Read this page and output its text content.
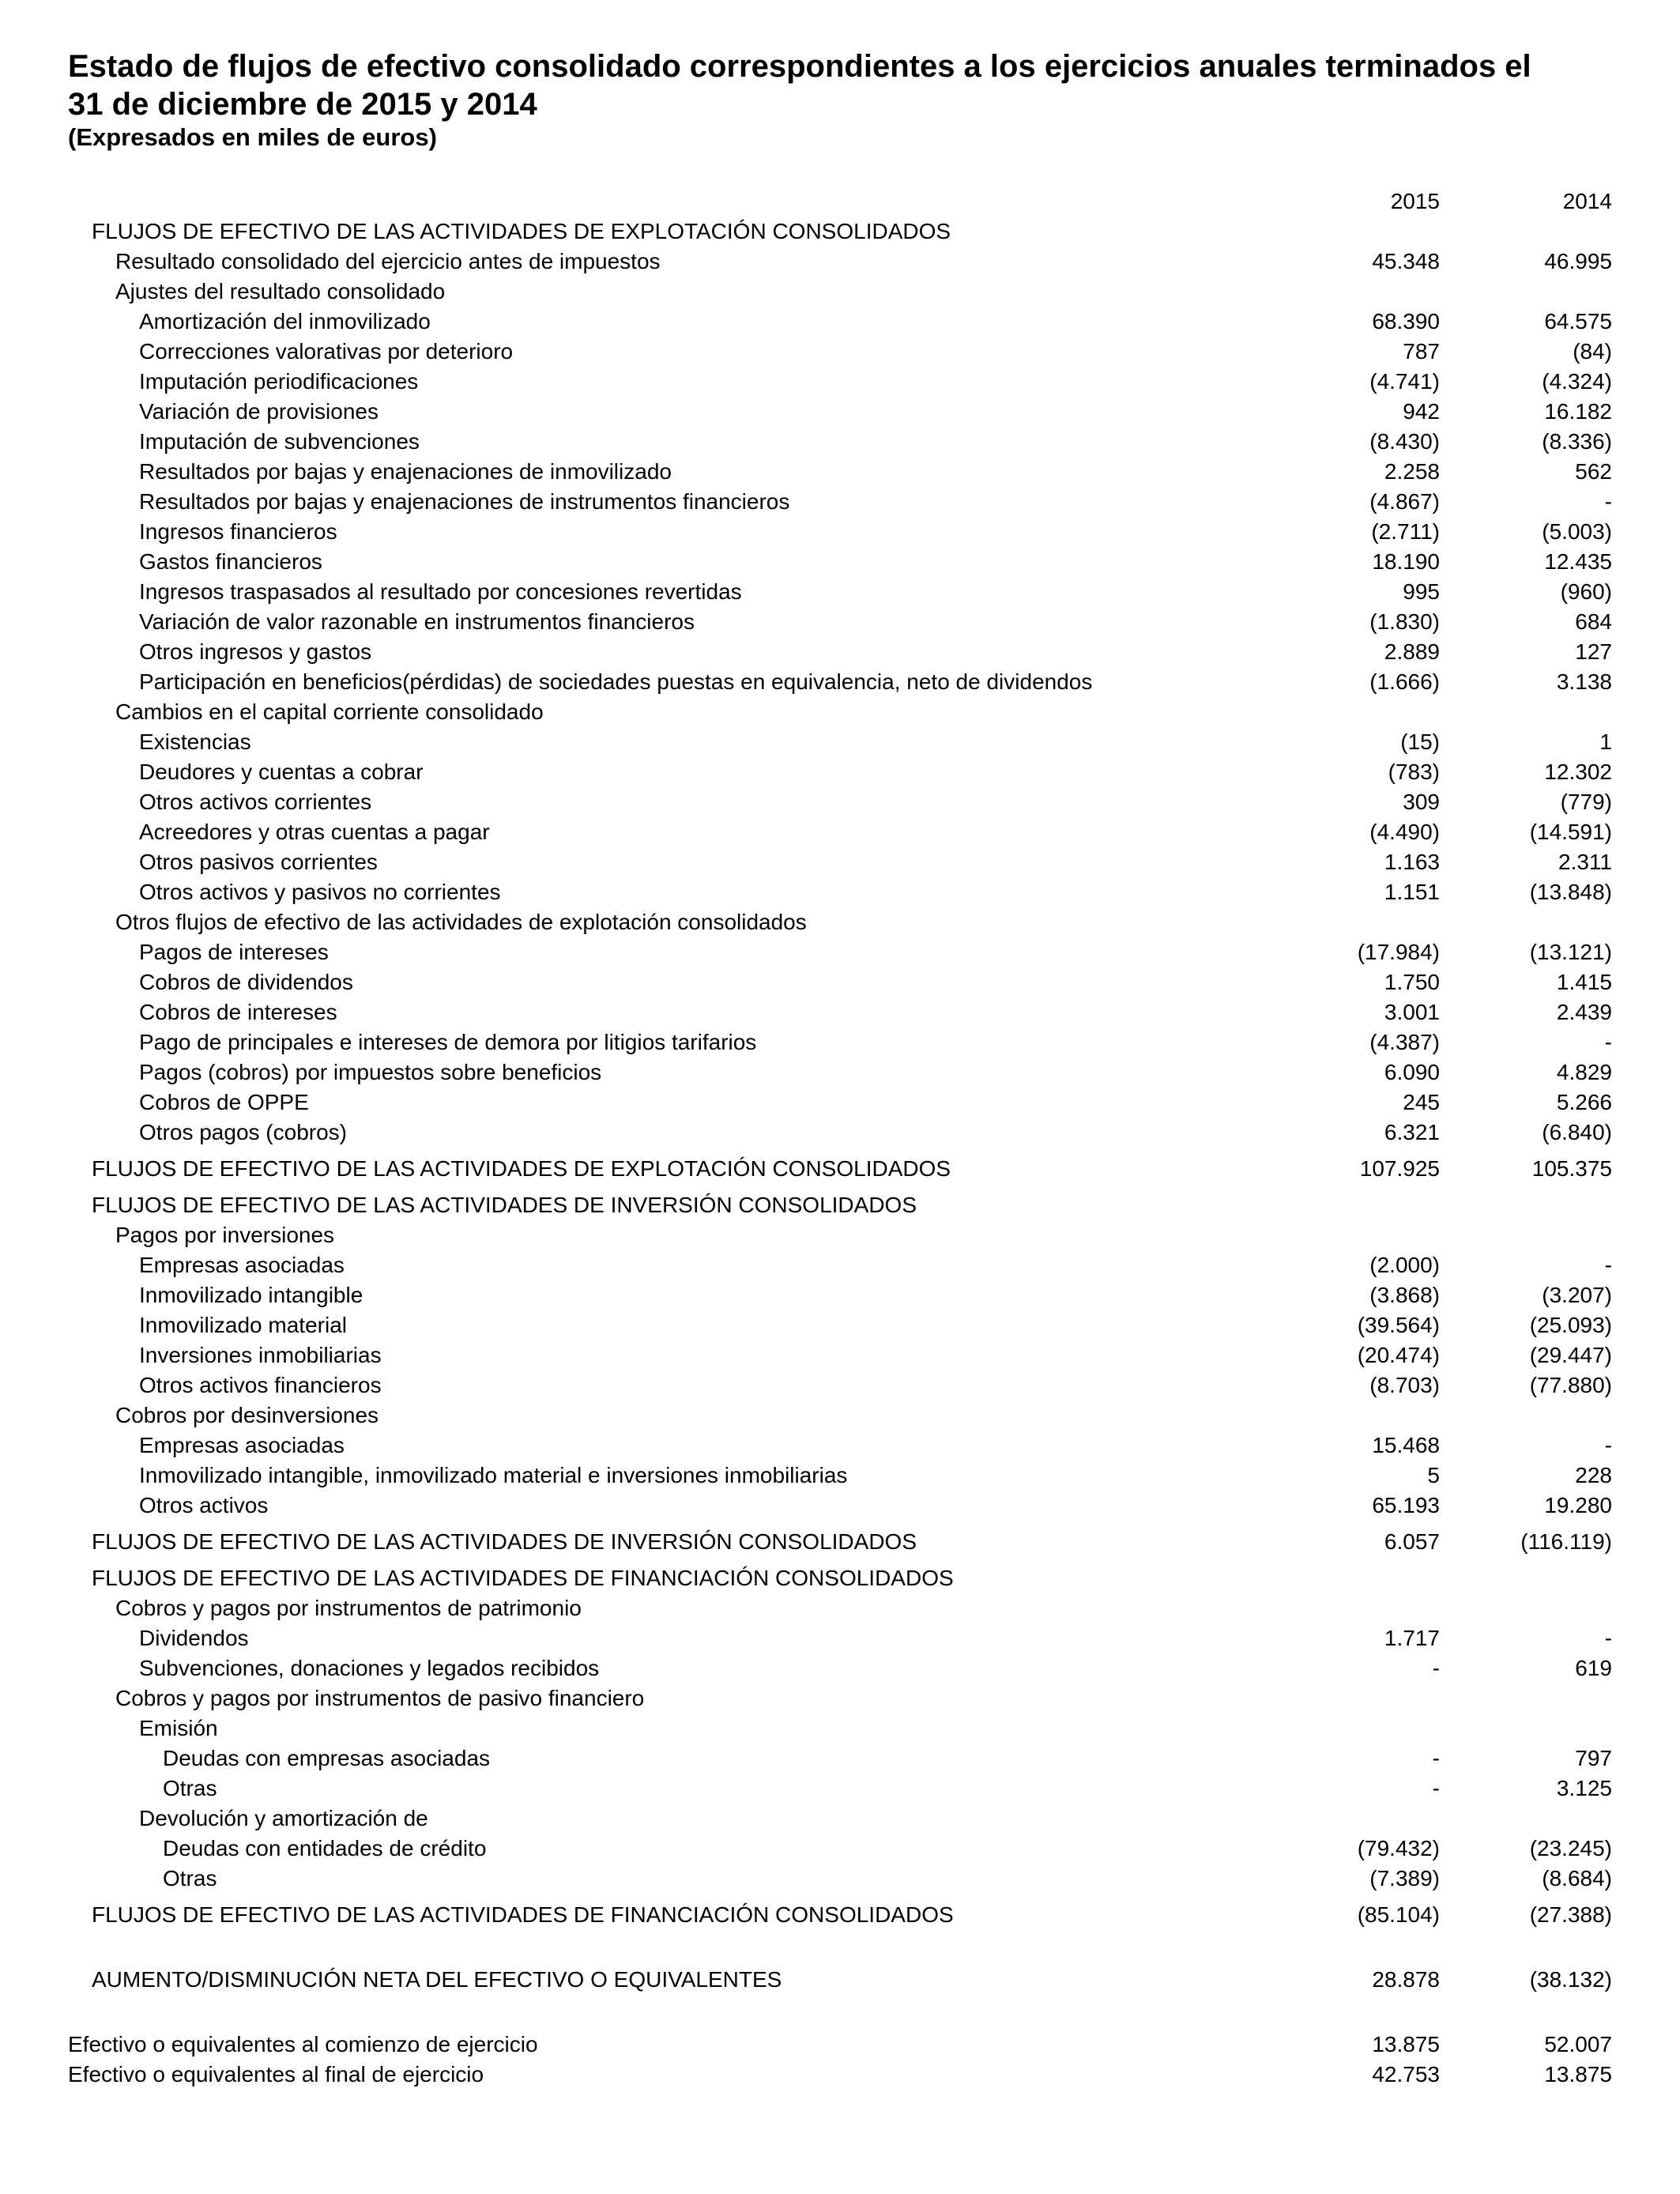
Estado de flujos de efectivo consolidado correspondientes a los ejercicios anuales terminados el 31 de diciembre de 2015 y 2014
(Expresados en miles de euros)
2015	2014
FLUJOS DE EFECTIVO DE LAS ACTIVIDADES DE EXPLOTACIÓN CONSOLIDADOS
Resultado consolidado del ejercicio antes de impuestos	45.348	46.995
Ajustes del resultado consolidado
Amortización del inmovilizado	68.390	64.575
Correcciones valorativas por deterioro	787	(84)
Imputación periodificaciones	(4.741)	(4.324)
Variación de provisiones	942	16.182
Imputación de subvenciones	(8.430)	(8.336)
Resultados por bajas y enajenaciones de inmovilizado	2.258	562
Resultados por bajas y enajenaciones de instrumentos financieros	(4.867)	-
Ingresos financieros	(2.711)	(5.003)
Gastos financieros	18.190	12.435
Ingresos traspasados al resultado por concesiones revertidas	995	(960)
Variación de valor razonable en instrumentos financieros	(1.830)	684
Otros ingresos y gastos	2.889	127
Participación en beneficios(pérdidas) de sociedades puestas en equivalencia, neto de dividendos	(1.666)	3.138
Cambios en el capital corriente consolidado
Existencias	(15)	1
Deudores y cuentas a cobrar	(783)	12.302
Otros activos corrientes	309	(779)
Acreedores y otras cuentas a pagar	(4.490)	(14.591)
Otros pasivos corrientes	1.163	2.311
Otros activos y pasivos no corrientes	1.151	(13.848)
Otros flujos de efectivo de las actividades de explotación consolidados
Pagos de intereses	(17.984)	(13.121)
Cobros de dividendos	1.750	1.415
Cobros de intereses	3.001	2.439
Pago de principales e intereses de demora por litigios tarifarios	(4.387)	-
Pagos (cobros) por impuestos sobre beneficios	6.090	4.829
Cobros de OPPE	245	5.266
Otros pagos (cobros)	6.321	(6.840)
FLUJOS DE EFECTIVO DE LAS ACTIVIDADES DE EXPLOTACIÓN CONSOLIDADOS	107.925	105.375
FLUJOS DE EFECTIVO DE LAS ACTIVIDADES DE INVERSIÓN CONSOLIDADOS
Pagos por inversiones
Empresas asociadas	(2.000)	-
Inmovilizado intangible	(3.868)	(3.207)
Inmovilizado material	(39.564)	(25.093)
Inversiones inmobiliarias	(20.474)	(29.447)
Otros activos financieros	(8.703)	(77.880)
Cobros por desinversiones
Empresas asociadas	15.468	-
Inmovilizado intangible, inmovilizado material e inversiones inmobiliarias	5	228
Otros activos	65.193	19.280
FLUJOS DE EFECTIVO DE LAS ACTIVIDADES DE INVERSIÓN CONSOLIDADOS	6.057	(116.119)
FLUJOS DE EFECTIVO DE LAS ACTIVIDADES DE FINANCIACIÓN CONSOLIDADOS
Cobros y pagos por instrumentos de patrimonio
Dividendos	1.717	-
Subvenciones, donaciones y legados recibidos	-	619
Cobros y pagos por instrumentos de pasivo financiero
Emisión
Deudas con empresas asociadas	-	797
Otras	-	3.125
Devolución y amortización de
Deudas con entidades de crédito	(79.432)	(23.245)
Otras	(7.389)	(8.684)
FLUJOS DE EFECTIVO DE LAS ACTIVIDADES DE FINANCIACIÓN CONSOLIDADOS	(85.104)	(27.388)
AUMENTO/DISMINUCIÓN NETA DEL EFECTIVO O EQUIVALENTES	28.878	(38.132)
Efectivo o equivalentes al comienzo de ejercicio	13.875	52.007
Efectivo o equivalentes al final de ejercicio	42.753	13.875
